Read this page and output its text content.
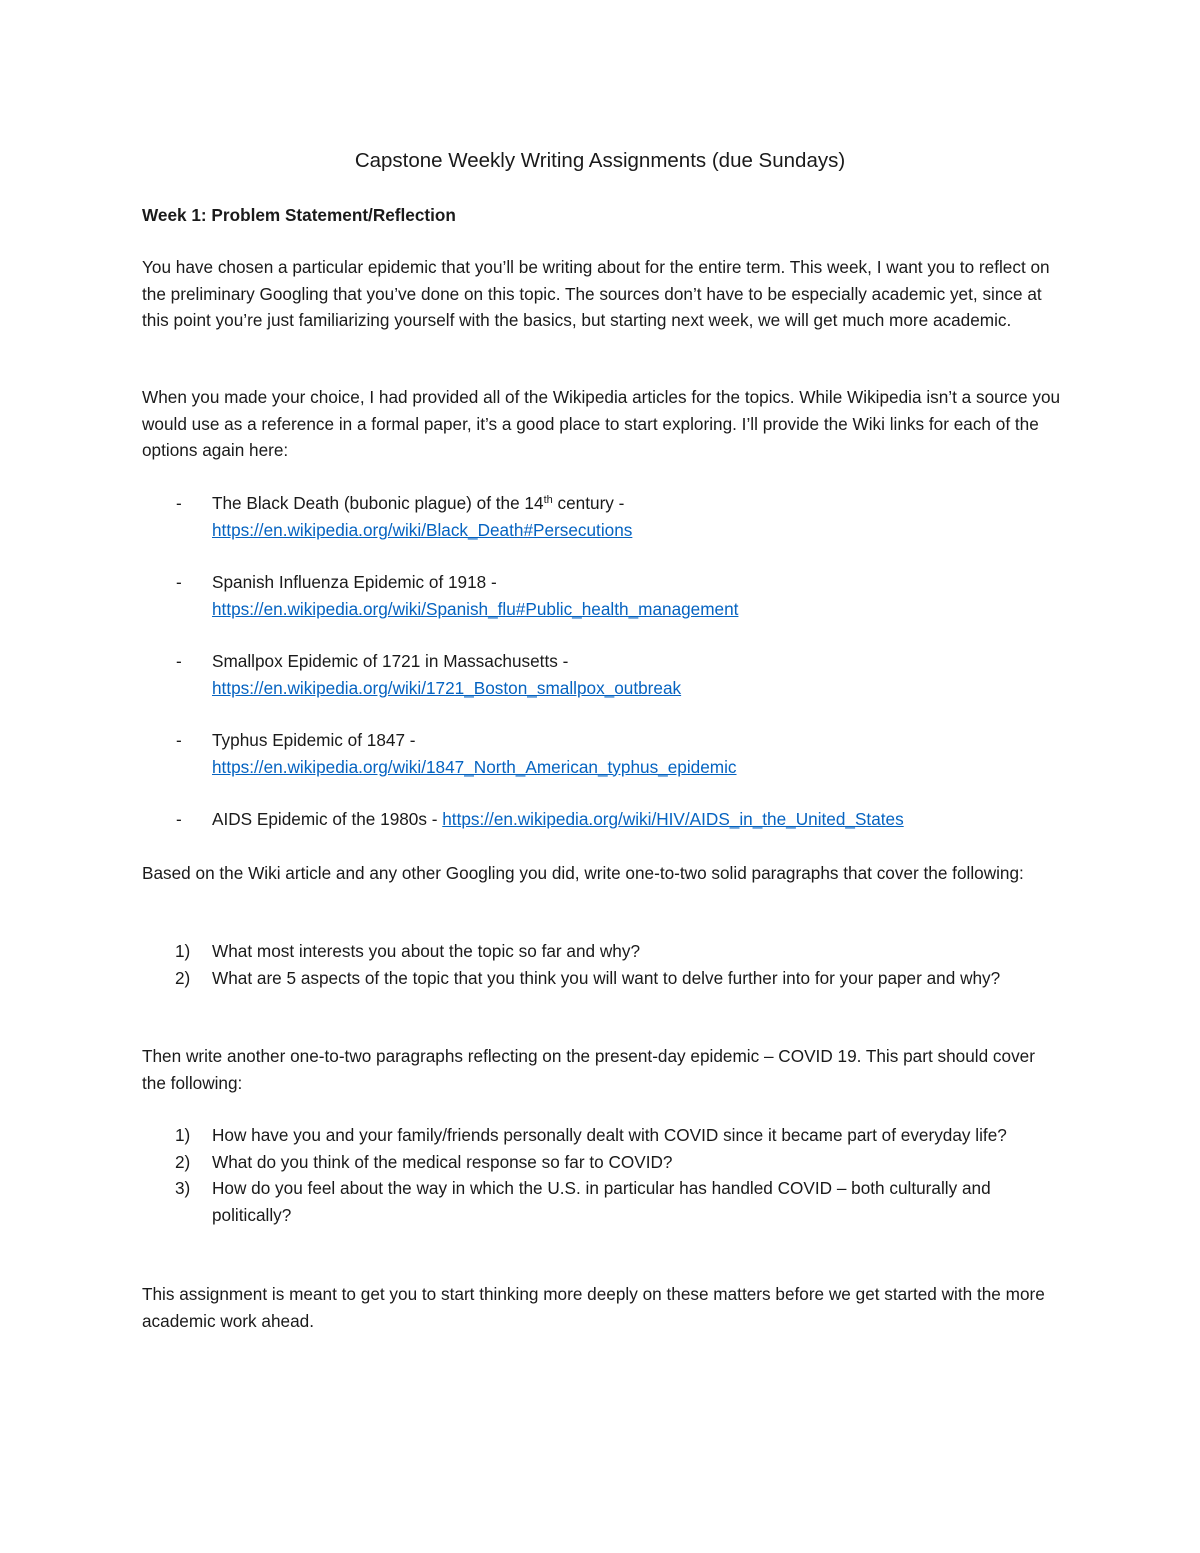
Capstone Weekly Writing Assignments (due Sundays)
Week 1: Problem Statement/Reflection

You have chosen a particular epidemic that you’ll be writing about for the entire term. This week, I want you to reflect on the preliminary Googling that you’ve done on this topic. The sources don’t have to be especially academic yet, since at this point you’re just familiarizing yourself with the basics, but starting next week, we will get much more academic.

When you made your choice, I had provided all of the Wikipedia articles for the topics. While Wikipedia isn’t a source you would use as a reference in a formal paper, it’s a good place to start exploring. I’ll provide the Wiki links for each of the options again here:

- The Black Death (bubonic plague) of the 14th century -
https://en.wikipedia.org/wiki/Black_Death#Persecutions
- Spanish Influenza Epidemic of 1918 -
https://en.wikipedia.org/wiki/Spanish_flu#Public_health_management
- Smallpox Epidemic of 1721 in Massachusetts -
https://en.wikipedia.org/wiki/1721_Boston_smallpox_outbreak
- Typhus Epidemic of 1847 -
https://en.wikipedia.org/wiki/1847_North_American_typhus_epidemic
- AIDS Epidemic of the 1980s - https://en.wikipedia.org/wiki/HIV/AIDS_in_the_United_States

Based on the Wiki article and any other Googling you did, write one-to-two solid paragraphs that cover the following:

1) What most interests you about the topic so far and why?
2) What are 5 aspects of the topic that you think you will want to delve further into for your paper and why?

Then write another one-to-two paragraphs reflecting on the present-day epidemic – COVID 19. This part should cover the following:

1) How have you and your family/friends personally dealt with COVID since it became part of everyday life?
2) What do you think of the medical response so far to COVID?
3) How do you feel about the way in which the U.S. in particular has handled COVID – both culturally and politically?

This assignment is meant to get you to start thinking more deeply on these matters before we get started with the more academic work ahead.
